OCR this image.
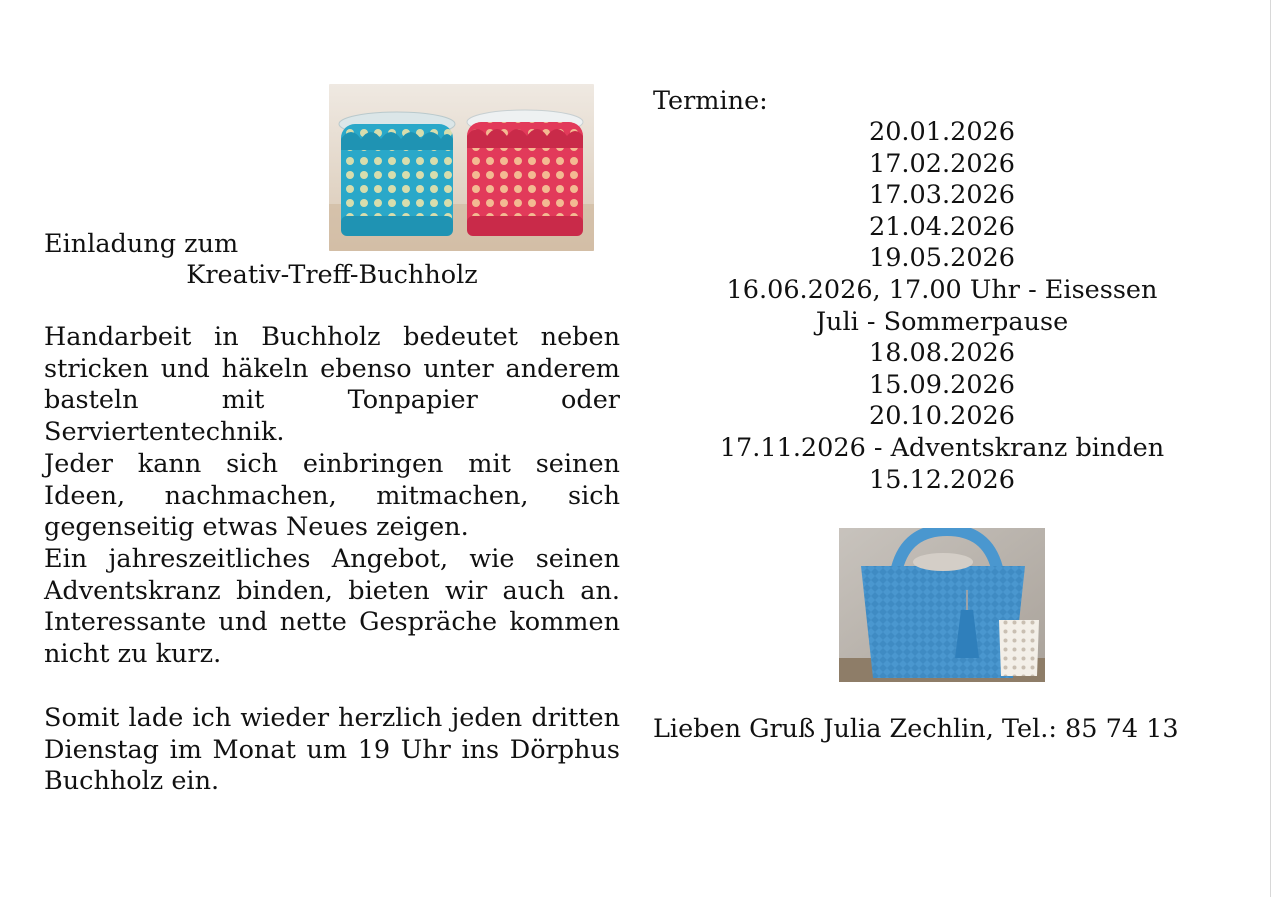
Einladung zum
Kreativ-Treff-Buchholz
Handarbeit in Buchholz bedeutet neben stricken und häkeln ebenso unter anderem basteln mit Tonpapier oder Serviertentechnik.
Jeder kann sich einbringen mit seinen Ideen, nachmachen, mitmachen, sich gegenseitig etwas Neues zeigen.
Ein jahreszeitliches Angebot, wie seinen Adventskranz binden, bieten wir auch an. Interessante und nette Gespräche kommen nicht zu kurz.
Somit lade ich wieder herzlich jeden dritten Dienstag im Monat um 19 Uhr ins Dörphus Buchholz ein.
Termine:
20.01.2026
17.02.2026
17.03.2026
21.04.2026
19.05.2026
16.06.2026, 17.00 Uhr - Eisessen
Juli - Sommerpause
18.08.2026
15.09.2026
20.10.2026
17.11.2026 - Adventskranz binden
15.12.2026
Lieben Gruß Julia Zechlin, Tel.: 85 74 13
